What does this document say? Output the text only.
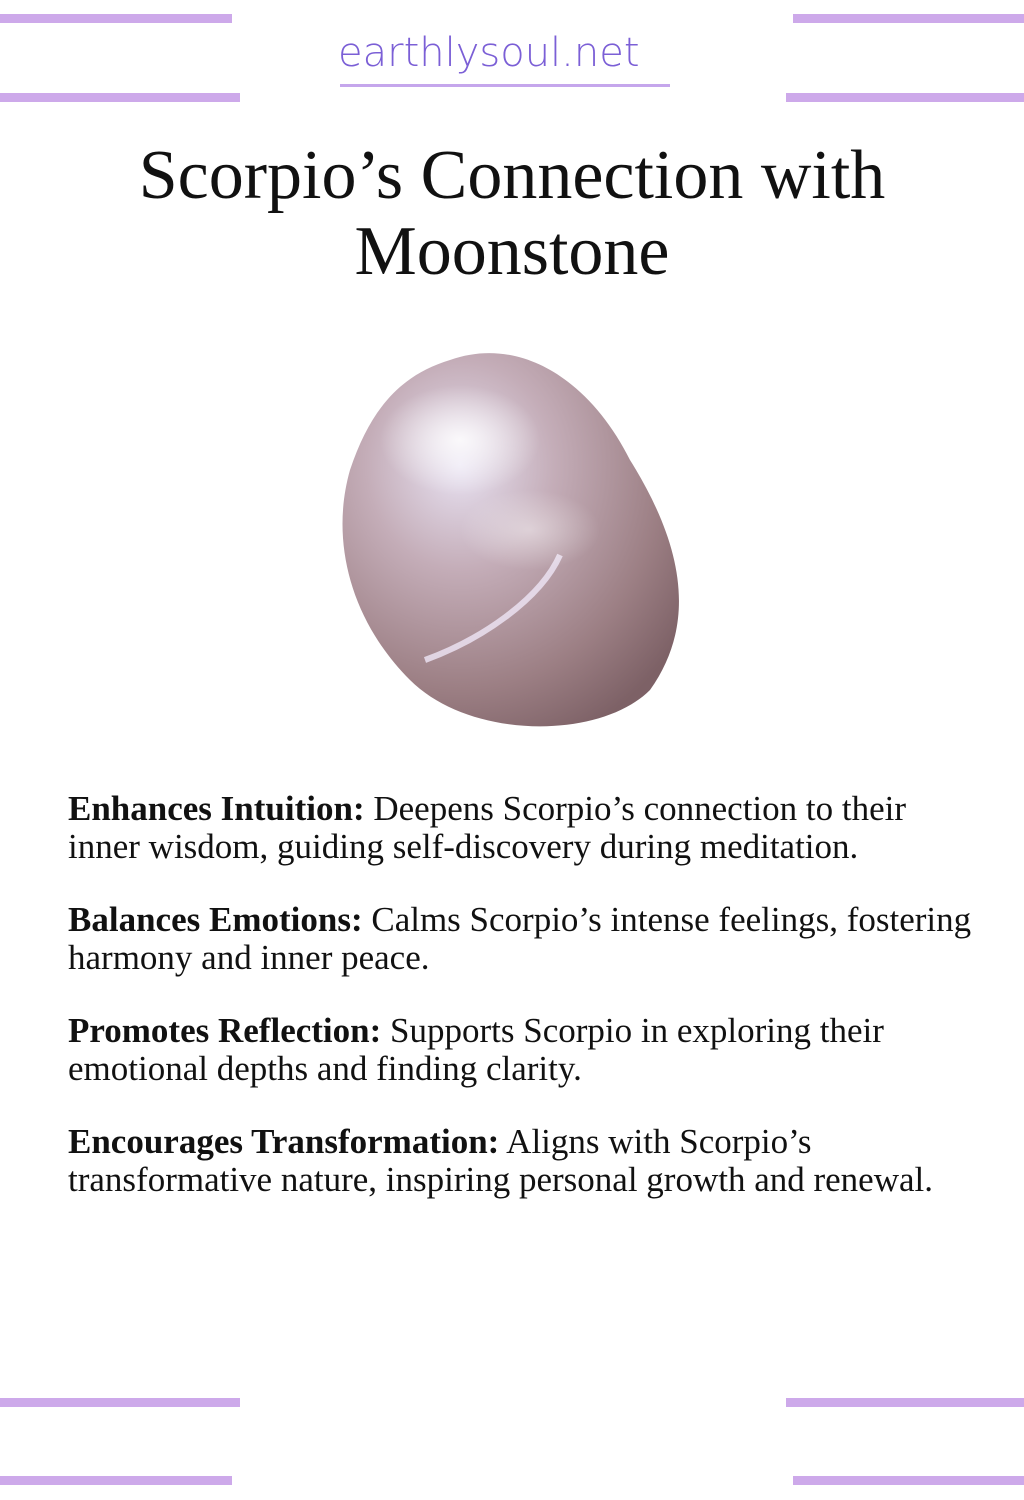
earthlysoul.net
Scorpio’s Connection with
Moonstone

Enhances Intuition: Deepens Scorpio’s connection to their inner wisdom, guiding self-discovery during meditation.

Balances Emotions: Calms Scorpio’s intense feelings, fostering harmony and inner peace.

Promotes Reflection: Supports Scorpio in exploring their emotional depths and finding clarity.

Encourages Transformation: Aligns with Scorpio’s transformative nature, inspiring personal growth and renewal.
